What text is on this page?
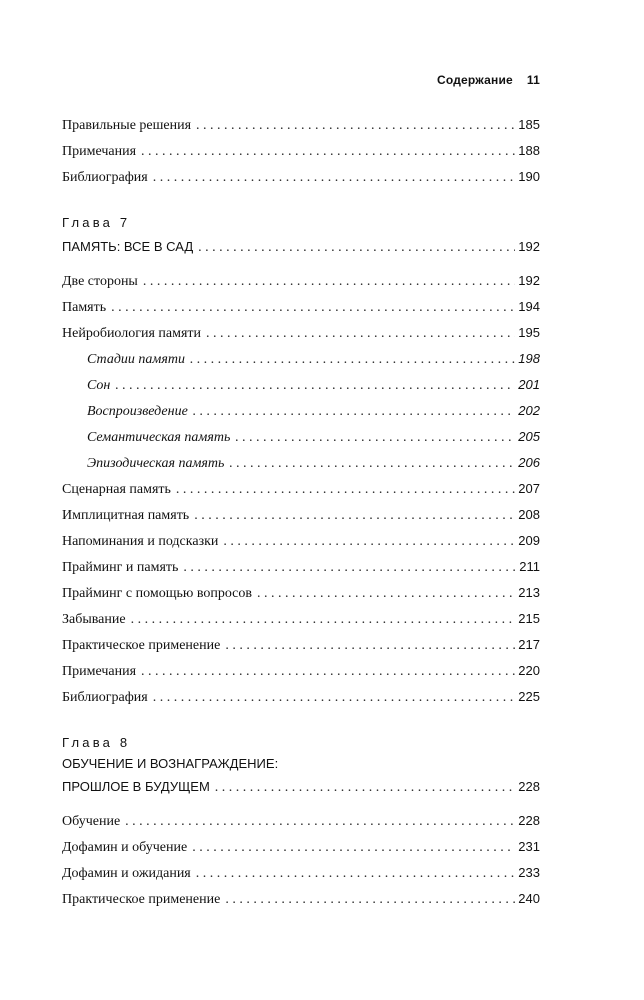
Содержание 11
Правильные решения . . .	185
Примечания . . .	188
Библиография . . .	190
Глава 7
ПАМЯТЬ: ВСЕ В САД . . .	192
Две стороны . . .	192
Память . . .	194
Нейробиология памяти . . .	195
Стадии памяти . . .	198
Сон . . .	201
Воспроизведение . . .	202
Семантическая память . . .	205
Эпизодическая память . . .	206
Сценарная память . . .	207
Имплицитная память . . .	208
Напоминания и подсказки . . .	209
Прайминг и память . . .	211
Прайминг с помощью вопросов . . .	213
Забывание . . .	215
Практическое применение . . .	217
Примечания . . .	220
Библиография . . .	225
Глава 8
ОБУЧЕНИЕ И ВОЗНАГРАЖДЕНИЕ:
ПРОШЛОЕ В БУДУЩЕМ . . .	228
Обучение . . .	228
Дофамин и обучение . . .	231
Дофамин и ожидания . . .	233
Практическое применение . . .	240
